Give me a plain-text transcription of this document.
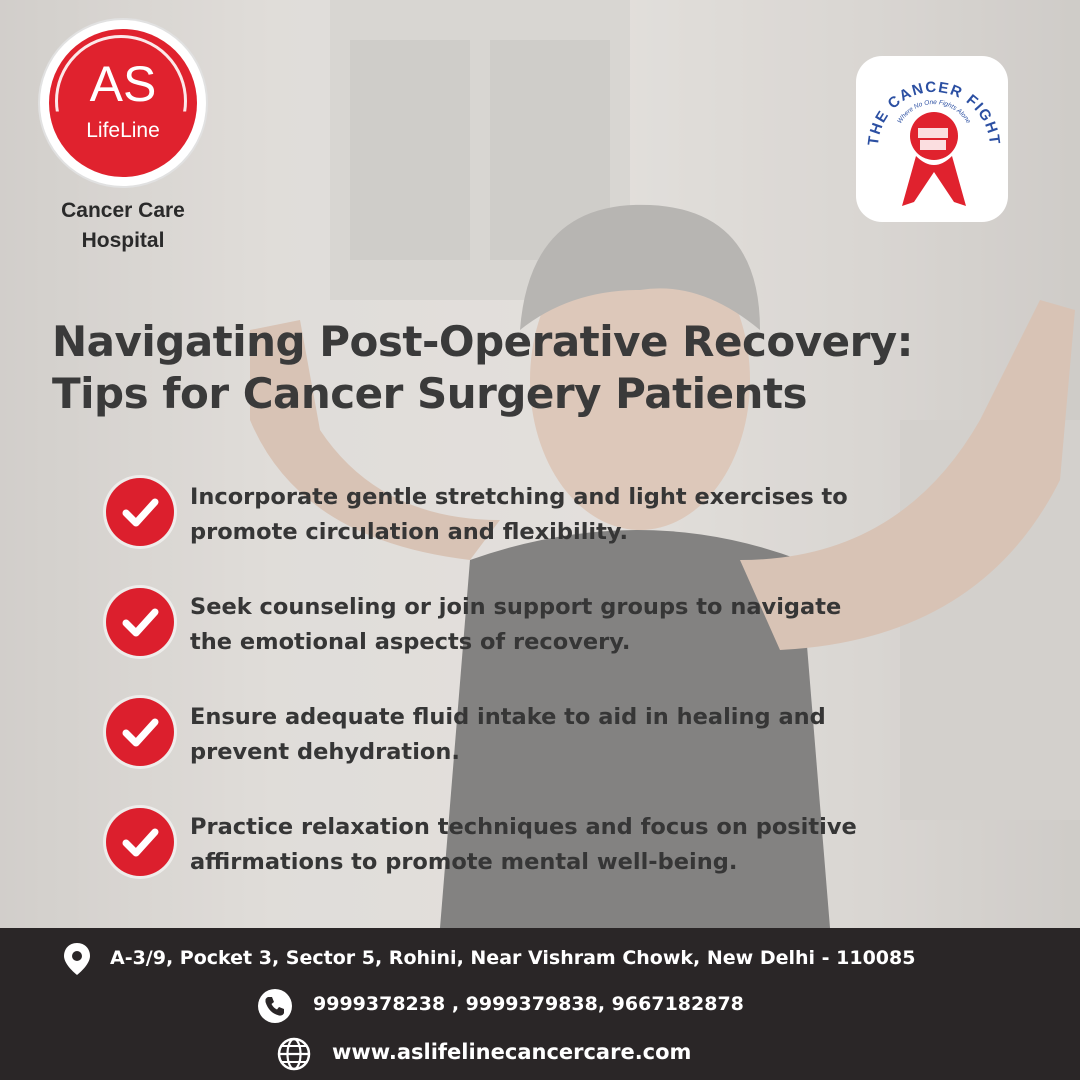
AS
LifeLine
Cancer Care
Hospital
THE CANCER FIGHT
Where No One Fights Alone
Navigating Post-Operative Recovery:
Tips for Cancer Surgery Patients
Incorporate gentle stretching and light exercises to
promote circulation and flexibility.
Seek counseling or join support groups to navigate
the emotional aspects of recovery.
Ensure adequate fluid intake to aid in healing and
prevent dehydration.
Practice relaxation techniques and focus on positive
affirmations to promote mental well-being.
A-3/9, Pocket 3, Sector 5, Rohini, Near Vishram Chowk, New Delhi - 110085
9999378238 , 9999379838, 9667182878
www.aslifelinecancercare.com
